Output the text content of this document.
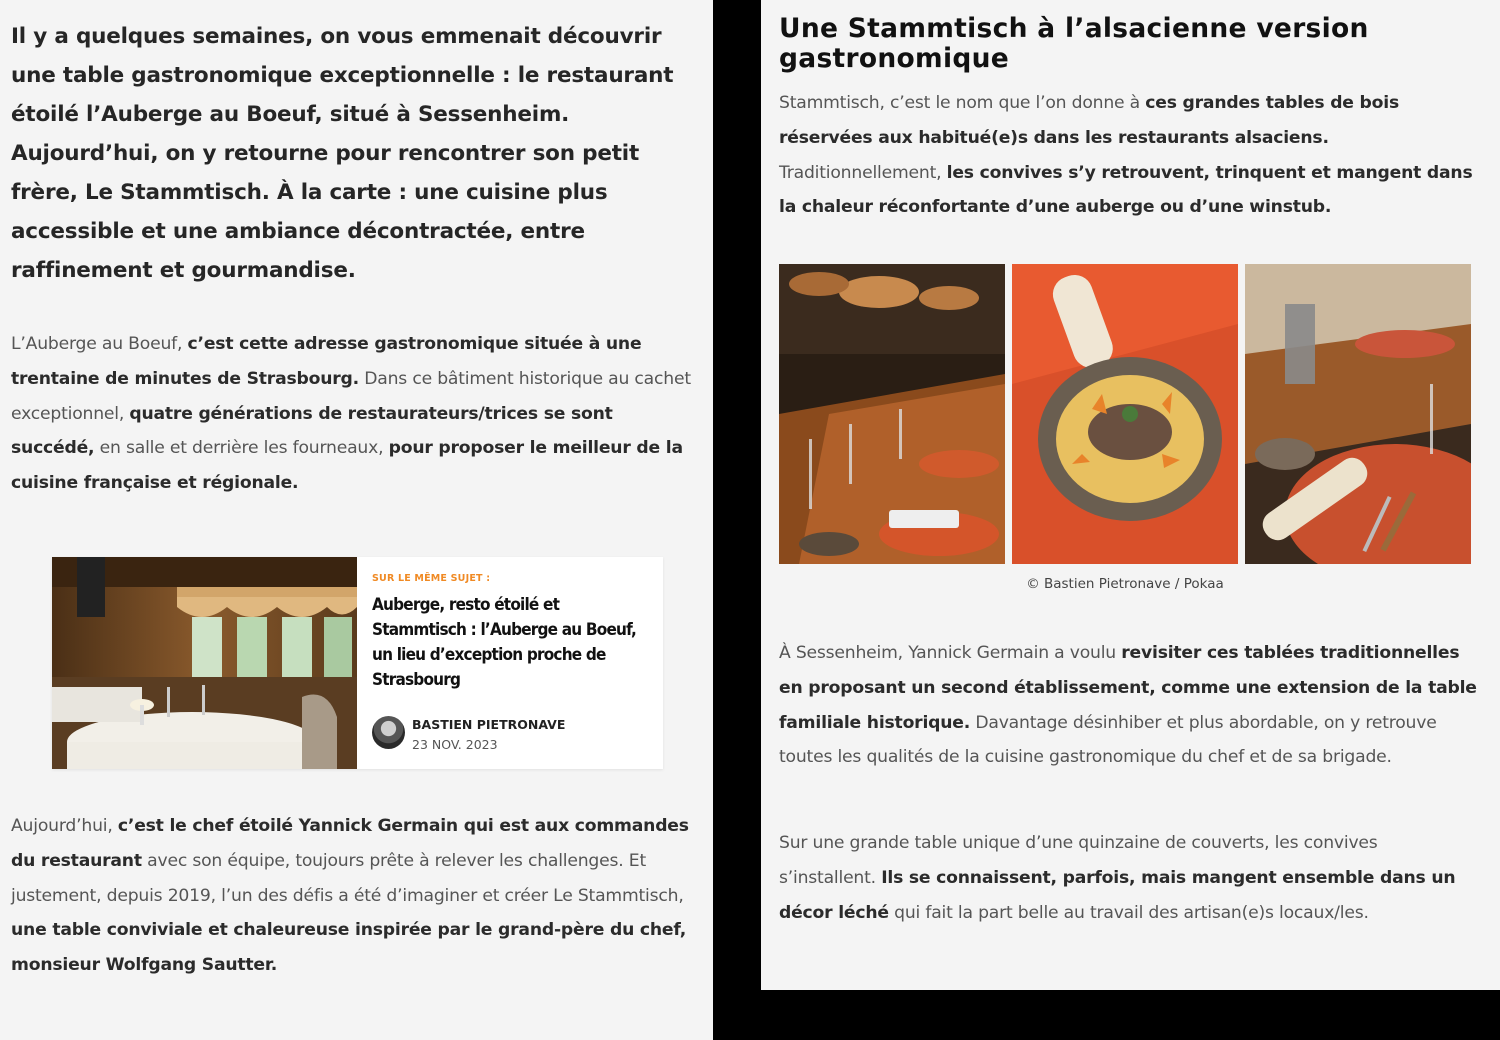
Il y a quelques semaines, on vous emmenait découvrir une table gastronomique exceptionnelle : le restaurant étoilé l’Auberge au Boeuf, situé à Sessenheim. Aujourd’hui, on y retourne pour rencontrer son petit frère, Le Stammtisch. À la carte : une cuisine plus accessible et une ambiance décontractée, entre raffinement et gourmandise.

L’Auberge au Boeuf, c’est cette adresse gastronomique située à une trentaine de minutes de Strasbourg. Dans ce bâtiment historique au cachet exceptionnel, quatre générations de restaurateurs/trices se sont succédé, en salle et derrière les fourneaux, pour proposer le meilleur de la cuisine française et régionale.

SUR LE MÊME SUJET :
Auberge, resto étoilé et Stammtisch : l’Auberge au Boeuf, un lieu d’exception proche de Strasbourg
BASTIEN PIETRONAVE
23 NOV. 2023

Aujourd’hui, c’est le chef étoilé Yannick Germain qui est aux commandes du restaurant avec son équipe, toujours prête à relever les challenges. Et justement, depuis 2019, l’un des défis a été d’imaginer et créer Le Stammtisch, une table conviviale et chaleureuse inspirée par le grand-père du chef, monsieur Wolfgang Sautter.

Une Stammtisch à l’alsacienne version gastronomique

Stammtisch, c’est le nom que l’on donne à ces grandes tables de bois réservées aux habitué(e)s dans les restaurants alsaciens. Traditionnellement, les convives s’y retrouvent, trinquent et mangent dans la chaleur réconfortante d’une auberge ou d’une winstub.

© Bastien Pietronave / Pokaa

À Sessenheim, Yannick Germain a voulu revisiter ces tablées traditionnelles en proposant un second établissement, comme une extension de la table familiale historique. Davantage désinhiber et plus abordable, on y retrouve toutes les qualités de la cuisine gastronomique du chef et de sa brigade.

Sur une grande table unique d’une quinzaine de couverts, les convives s’installent. Ils se connaissent, parfois, mais mangent ensemble dans un décor léché qui fait la part belle au travail des artisan(e)s locaux/les.
